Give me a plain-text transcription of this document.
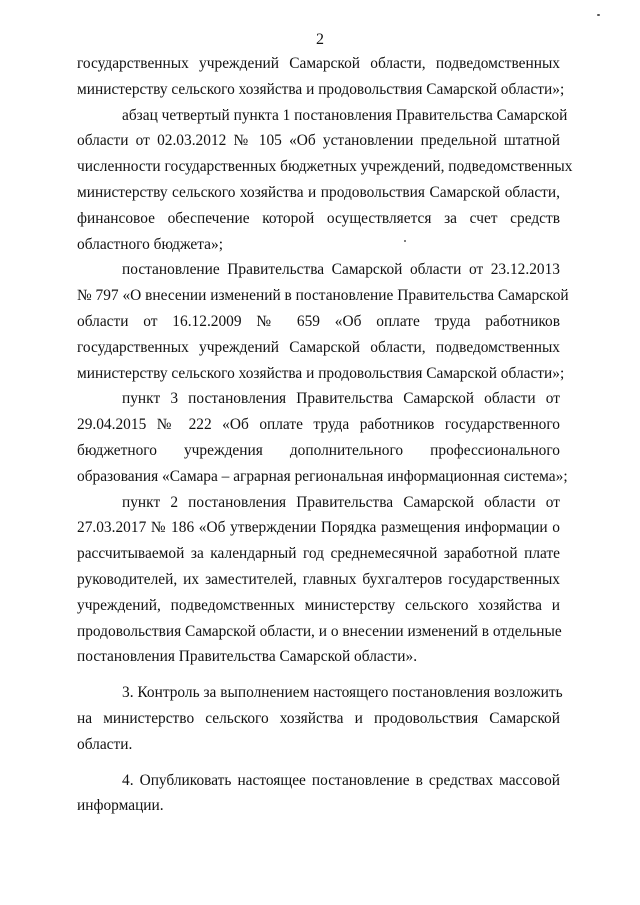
2
государственных учреждений Самарской области, подведомственных
министерству сельского хозяйства и продовольствия Самарской области»;
абзац четвертый пункта 1 постановления Правительства Самарской
области от 02.03.2012 № 105 «Об установлении предельной штатной
численности государственных бюджетных учреждений, подведомственных
министерству сельского хозяйства и продовольствия Самарской области,
финансовое обеспечение которой осуществляется за счет средств
областного бюджета»;
постановление Правительства Самарской области от 23.12.2013
№ 797 «О внесении изменений в постановление Правительства Самарской
области от 16.12.2009 № 659 «Об оплате труда работников
государственных учреждений Самарской области, подведомственных
министерству сельского хозяйства и продовольствия Самарской области»;
пункт 3 постановления Правительства Самарской области от
29.04.2015 № 222 «Об оплате труда работников государственного
бюджетного учреждения дополнительного профессионального
образования «Самара – аграрная региональная информационная система»;
пункт 2 постановления Правительства Самарской области от
27.03.2017 № 186 «Об утверждении Порядка размещения информации о
рассчитываемой за календарный год среднемесячной заработной плате
руководителей, их заместителей, главных бухгалтеров государственных
учреждений, подведомственных министерству сельского хозяйства и
продовольствия Самарской области, и о внесении изменений в отдельные
постановления Правительства Самарской области».
3. Контроль за выполнением настоящего постановления возложить
на министерство сельского хозяйства и продовольствия Самарской
области.
4. Опубликовать настоящее постановление в средствах массовой
информации.
